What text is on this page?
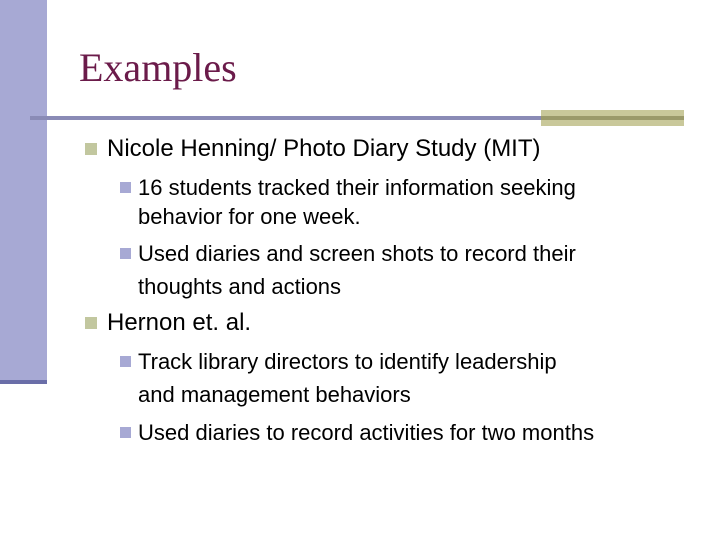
Examples
Nicole Henning/ Photo Diary Study (MIT)
16 students tracked their information seeking
behavior for one week.
Used diaries and screen shots to record their
thoughts and actions
Hernon et. al.
Track library directors to identify leadership
and management behaviors
Used diaries to record activities for two months
